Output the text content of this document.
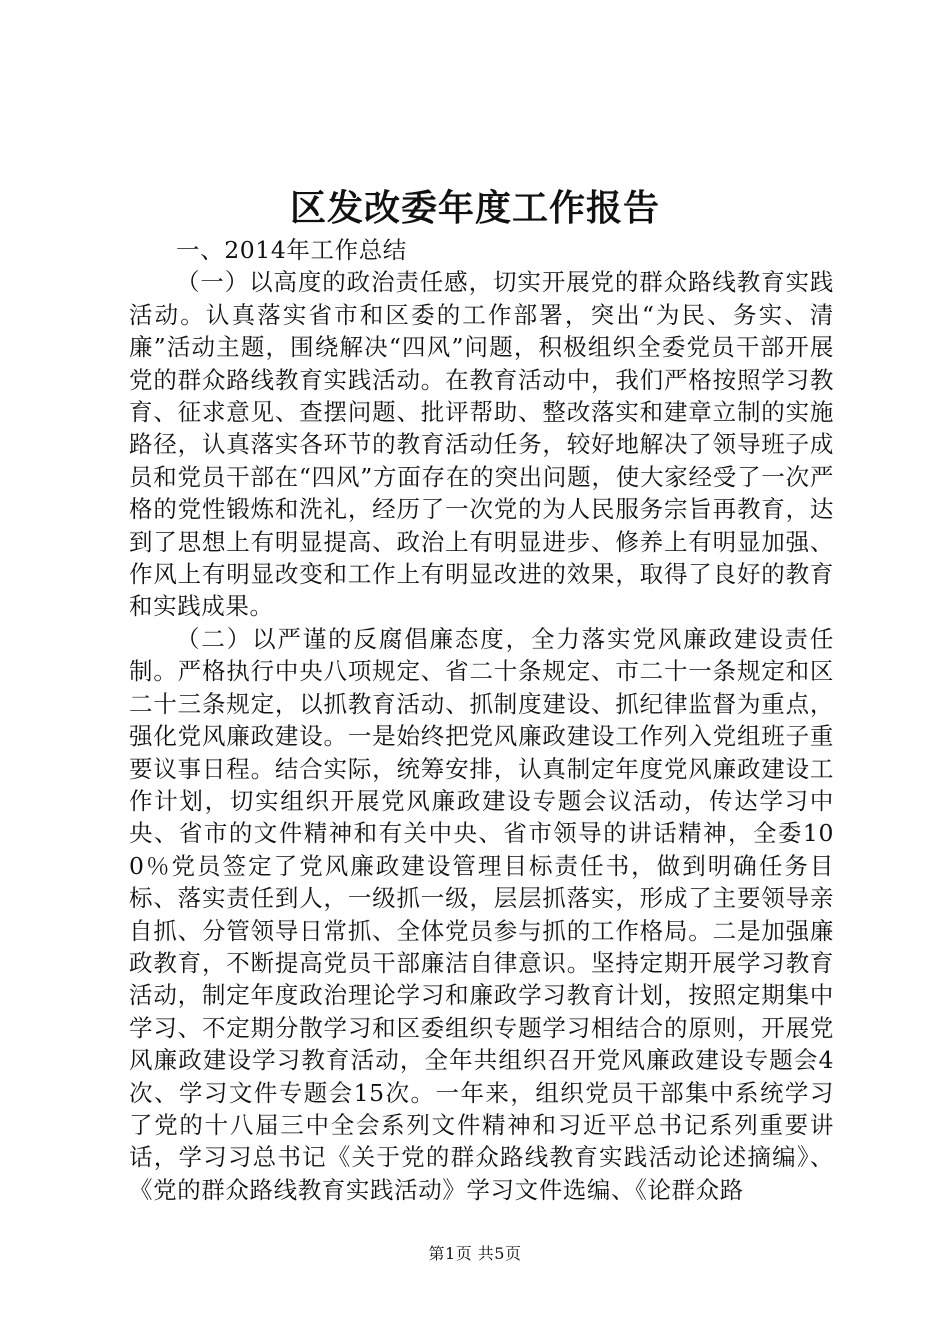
区发改委年度工作报告

一、2014年工作总结

（一）以高度的政治责任感，切实开展党的群众路线教育实践活动。认真落实省市和区委的工作部署，突出“为民、务实、清廉”活动主题，围绕解决“四风”问题，积极组织全委党员干部开展党的群众路线教育实践活动。在教育活动中，我们严格按照学习教育、征求意见、查摆问题、批评帮助、整改落实和建章立制的实施路径，认真落实各环节的教育活动任务，较好地解决了领导班子成员和党员干部在“四风”方面存在的突出问题，使大家经受了一次严格的党性锻炼和洗礼，经历了一次党的为人民服务宗旨再教育，达到了思想上有明显提高、政治上有明显进步、修养上有明显加强、作风上有明显改变和工作上有明显改进的效果，取得了良好的教育和实践成果。

（二）以严谨的反腐倡廉态度，全力落实党风廉政建设责任制。严格执行中央八项规定、省二十条规定、市二十一条规定和区二十三条规定，以抓教育活动、抓制度建设、抓纪律监督为重点，强化党风廉政建设。一是始终把党风廉政建设工作列入党组班子重要议事日程。结合实际，统筹安排，认真制定年度党风廉政建设工作计划，切实组织开展党风廉政建设专题会议活动，传达学习中央、省市的文件精神和有关中央、省市领导的讲话精神，全委100％党员签定了党风廉政建设管理目标责任书，做到明确任务目标、落实责任到人，一级抓一级，层层抓落实，形成了主要领导亲自抓、分管领导日常抓、全体党员参与抓的工作格局。二是加强廉政教育，不断提高党员干部廉洁自律意识。坚持定期开展学习教育活动，制定年度政治理论学习和廉政学习教育计划，按照定期集中学习、不定期分散学习和区委组织专题学习相结合的原则，开展党风廉政建设学习教育活动，全年共组织召开党风廉政建设专题会4次、学习文件专题会15次。一年来，组织党员干部集中系统学习了党的十八届三中全会系列文件精神和习近平总书记系列重要讲话，学习习总书记《关于党的群众路线教育实践活动论述摘编》、《党的群众路线教育实践活动》学习文件选编、《论群众路

第1页 共5页
